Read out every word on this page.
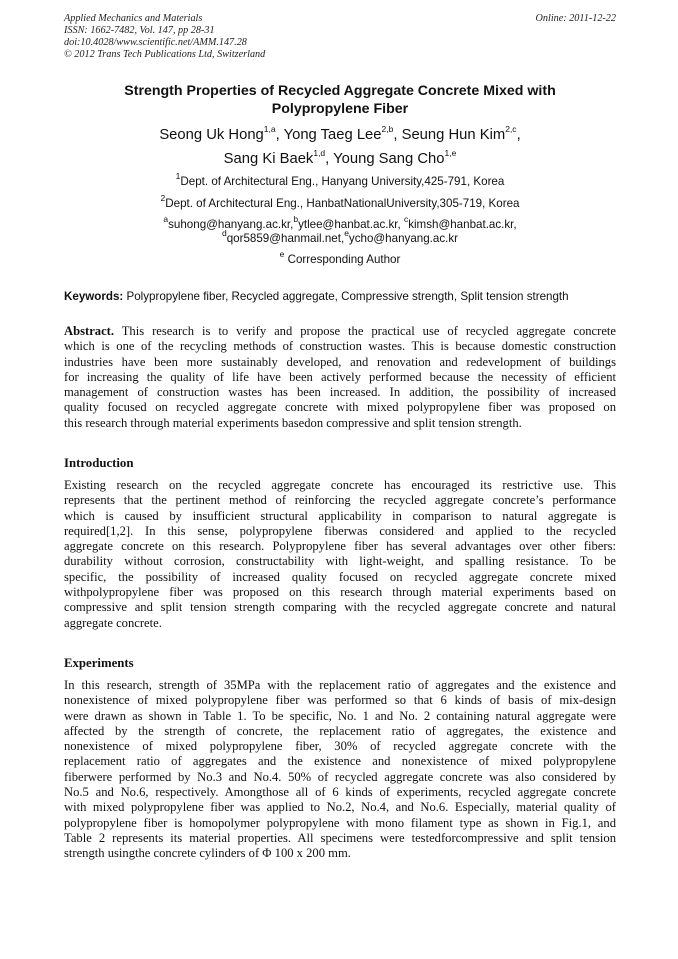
Applied Mechanics and Materials
ISSN: 1662-7482, Vol. 147, pp 28-31
doi:10.4028/www.scientific.net/AMM.147.28
© 2012 Trans Tech Publications Ltd, Switzerland
Online: 2011-12-22
Strength Properties of Recycled Aggregate Concrete Mixed with
Polypropylene Fiber
Seong Uk Hong$^{1,a}$, Yong Taeg Lee$^{2,b}$, Seung Hun Kim$^{2,c}$,
Sang Ki Baek$^{1,d}$, Young Sang Cho$^{1,e}$
$^1$Dept. of Architectural Eng., Hanyang University,425-791, Korea
$^2$Dept. of Architectural Eng., HanbatNationalUniversity,305-719, Korea
$^a$suhong@hanyang.ac.kr,$^b$ytlee@hanbat.ac.kr, $^c$kimsh@hanbat.ac.kr,
$^d$qor5859@hanmail.net,$^e$ycho@hanyang.ac.kr
$^e$ Corresponding Author
Keywords: Polypropylene fiber, Recycled aggregate, Compressive strength, Split tension strength
Abstract. This research is to verify and propose the practical use of recycled aggregate concrete
which is one of the recycling methods of construction wastes. This is because domestic construction
industries have been more sustainably developed, and renovation and redevelopment of buildings
for increasing the quality of life have been actively performed because the necessity of efficient
management of construction wastes has been increased. In addition, the possibility of increased
quality focused on recycled aggregate concrete with mixed polypropylene fiber was proposed on
this research through material experiments basedon compressive and split tension strength.
Introduction
Existing research on the recycled aggregate concrete has encouraged its restrictive use. This
represents that the pertinent method of reinforcing the recycled aggregate concrete’s performance
which is caused by insufficient structural applicability in comparison to natural aggregate is
required[1,2]. In this sense, polypropylene fiberwas considered and applied to the recycled
aggregate concrete on this research. Polypropylene fiber has several advantages over other fibers:
durability without corrosion, constructability with light-weight, and spalling resistance. To be
specific, the possibility of increased quality focused on recycled aggregate concrete mixed
withpolypropylene fiber was proposed on this research through material experiments based on
compressive and split tension strength comparing with the recycled aggregate concrete and natural
aggregate concrete.
Experiments
In this research, strength of 35MPa with the replacement ratio of aggregates and the existence and
nonexistence of mixed polypropylene fiber was performed so that 6 kinds of basis of mix-design
were drawn as shown in Table 1. To be specific, No. 1 and No. 2 containing natural aggregate were
affected by the strength of concrete, the replacement ratio of aggregates, the existence and
nonexistence of mixed polypropylene fiber, 30% of recycled aggregate concrete with the
replacement ratio of aggregates and the existence and nonexistence of mixed polypropylene
fiberwere performed by No.3 and No.4. 50% of recycled aggregate concrete was also considered by
No.5 and No.6, respectively. Amongthose all of 6 kinds of experiments, recycled aggregate concrete
with mixed polypropylene fiber was applied to No.2, No.4, and No.6. Especially, material quality of
polypropylene fiber is homopolymer polypropylene with mono filament type as shown in Fig.1, and
Table 2 represents its material properties. All specimens were testedforcompressive and split tension
strength usingthe concrete cylinders of Φ 100 x 200 mm.
